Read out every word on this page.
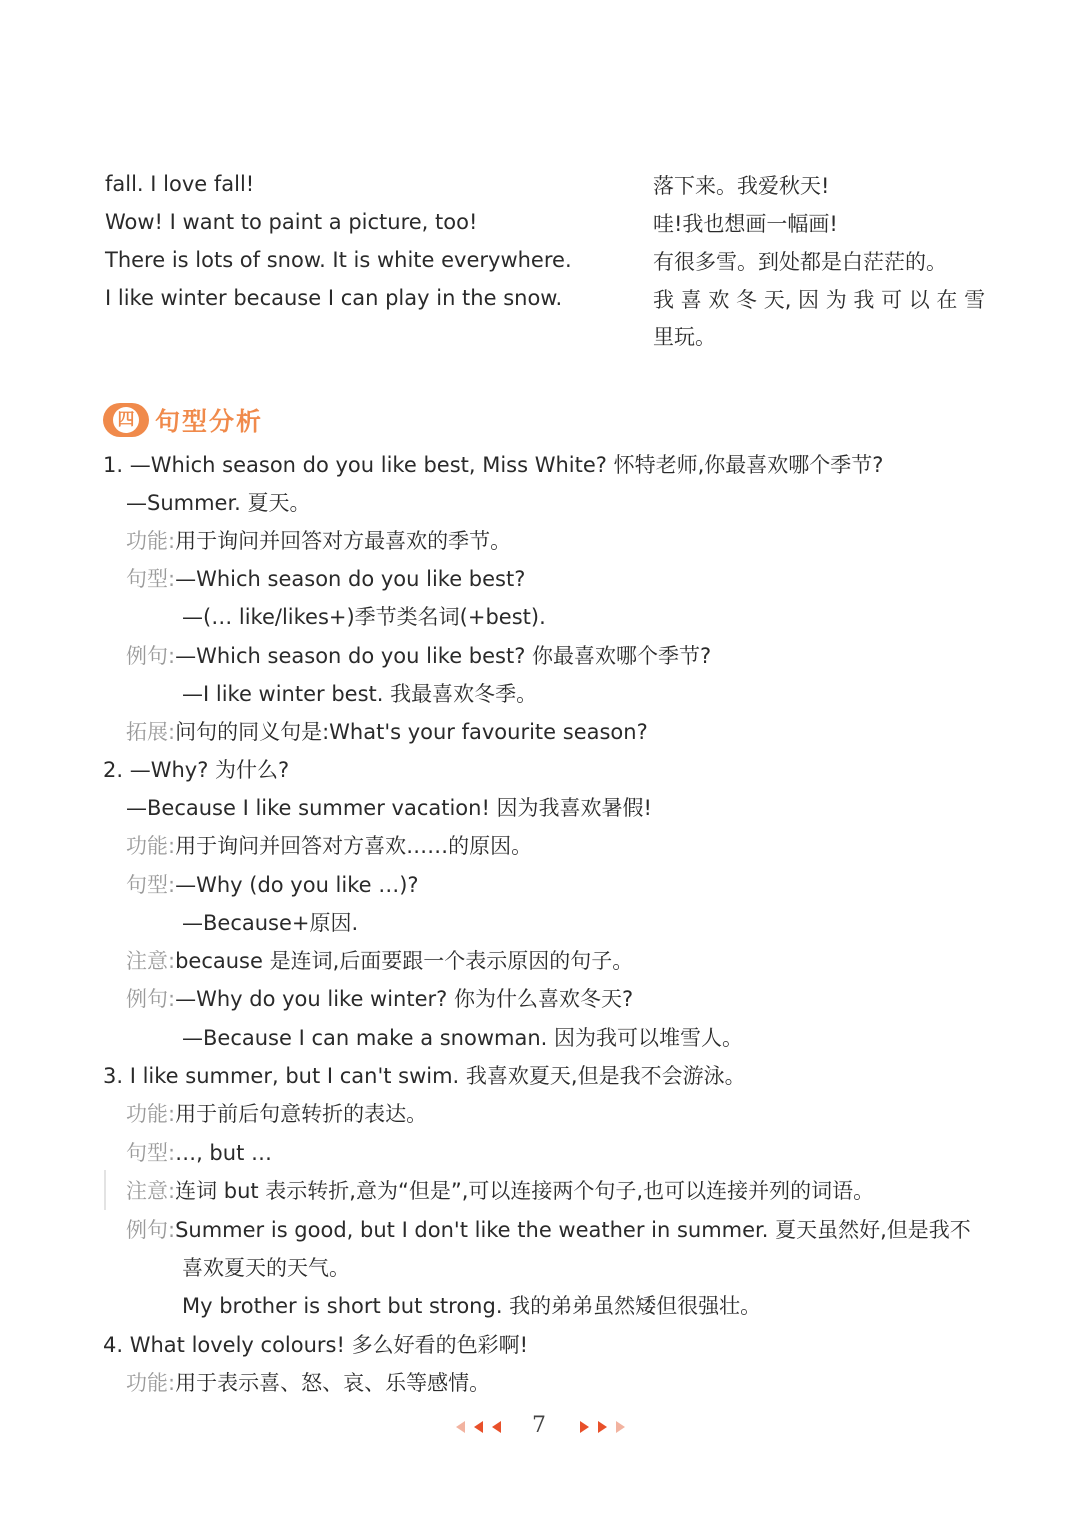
fall. I love fall!
Wow! I want to paint a picture, too!
There is lots of snow. It is white everywhere.
I like winter because I can play in the snow.
落下来。我爱秋天!
哇!我也想画一幅画!
有很多雪。到处都是白茫茫的。
我 喜 欢 冬 天, 因 为 我 可 以 在 雪
里玩。
四 句型分析
1. —Which season do you like best, Miss White? 怀特老师,你最喜欢哪个季节?
—Summer. 夏天。
功能:用于询问并回答对方最喜欢的季节。
句型:—Which season do you like best?
—(… like/likes+)季节类名词(+best).
例句:—Which season do you like best? 你最喜欢哪个季节?
—I like winter best. 我最喜欢冬季。
拓展:问句的同义句是:What's your favourite season?
2. —Why? 为什么?
—Because I like summer vacation! 因为我喜欢暑假!
功能:用于询问并回答对方喜欢……的原因。
句型:—Why (do you like …)?
—Because+原因.
注意:because 是连词,后面要跟一个表示原因的句子。
例句:—Why do you like winter? 你为什么喜欢冬天?
—Because I can make a snowman. 因为我可以堆雪人。
3. I like summer, but I can't swim. 我喜欢夏天,但是我不会游泳。
功能:用于前后句意转折的表达。
句型:…, but …
注意:连词 but 表示转折,意为“但是”,可以连接两个句子,也可以连接并列的词语。
例句:Summer is good, but I don't like the weather in summer. 夏天虽然好,但是我不
喜欢夏天的天气。
My brother is short but strong. 我的弟弟虽然矮但很强壮。
4. What lovely colours! 多么好看的色彩啊!
功能:用于表示喜、怒、哀、乐等感情。
7
